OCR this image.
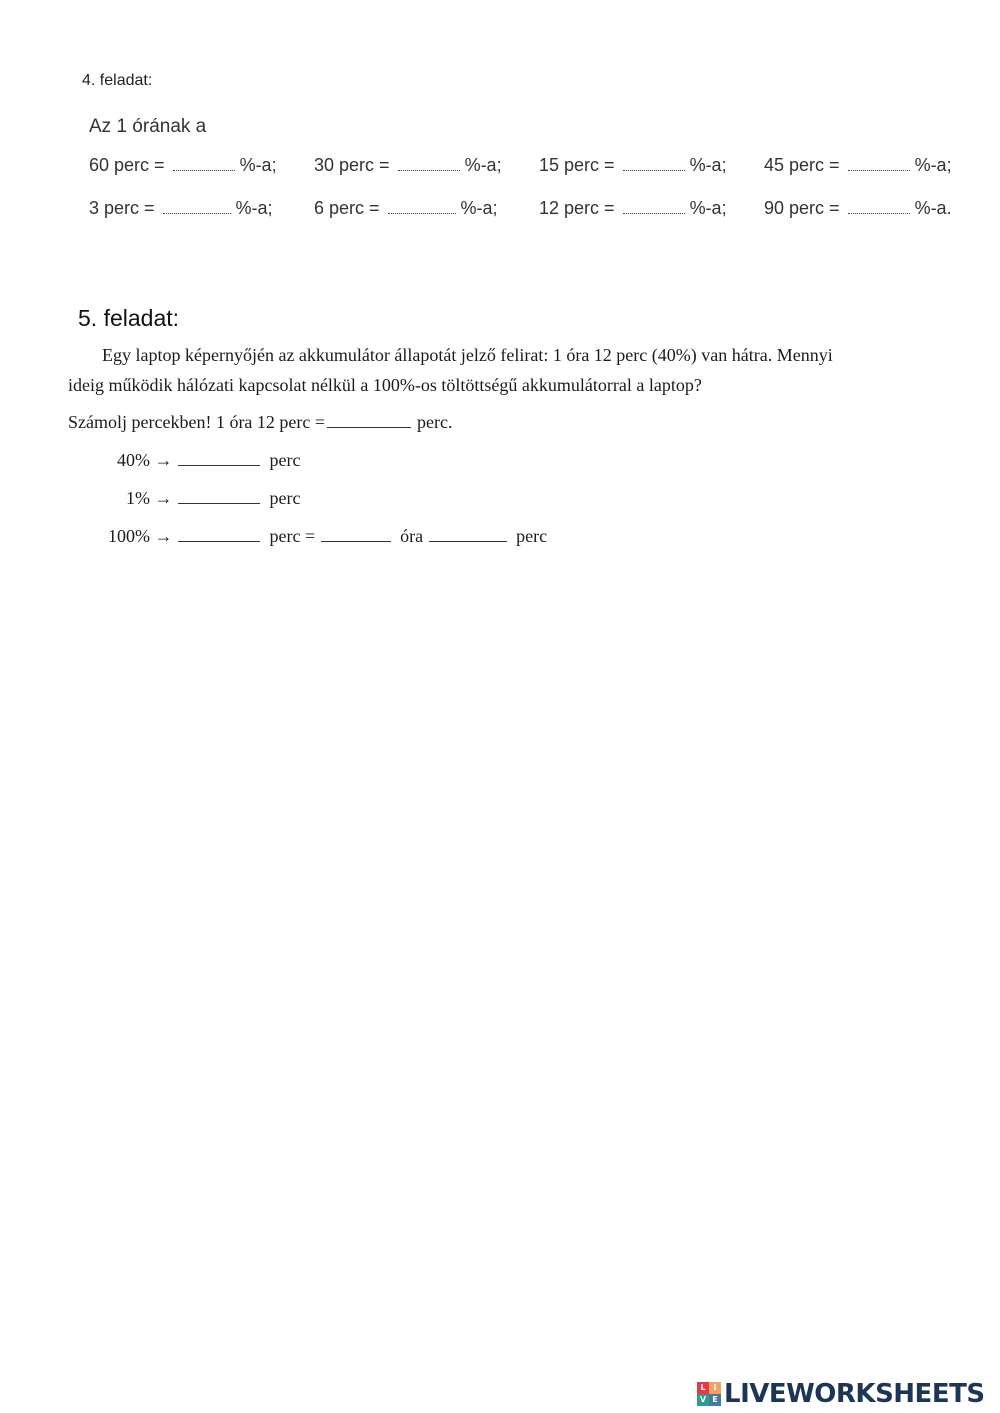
4. feladat:
Az 1 órának a
60 perc =	%-a; 30 perc =	%-a; 15 perc =	%-a; 45 perc =	%-a;
3 perc =	%-a; 6 perc =	%-a; 12 perc =	%-a; 90 perc =	%-a.
5. feladat:
Egy laptop képernyőjén az akkumulátor állapotát jelző felirat: 1 óra 12 perc (40%) van hátra. Mennyi
ideig működik hálózati kapcsolat nélkül a 100%-os töltöttségű akkumulátorral a laptop?
Számolj percekben! 1 óra 12 perc =	perc.
40% →	perc
1% →	perc
100% →	perc =	óra	perc
L I
V E LIVEWORKSHEETS
